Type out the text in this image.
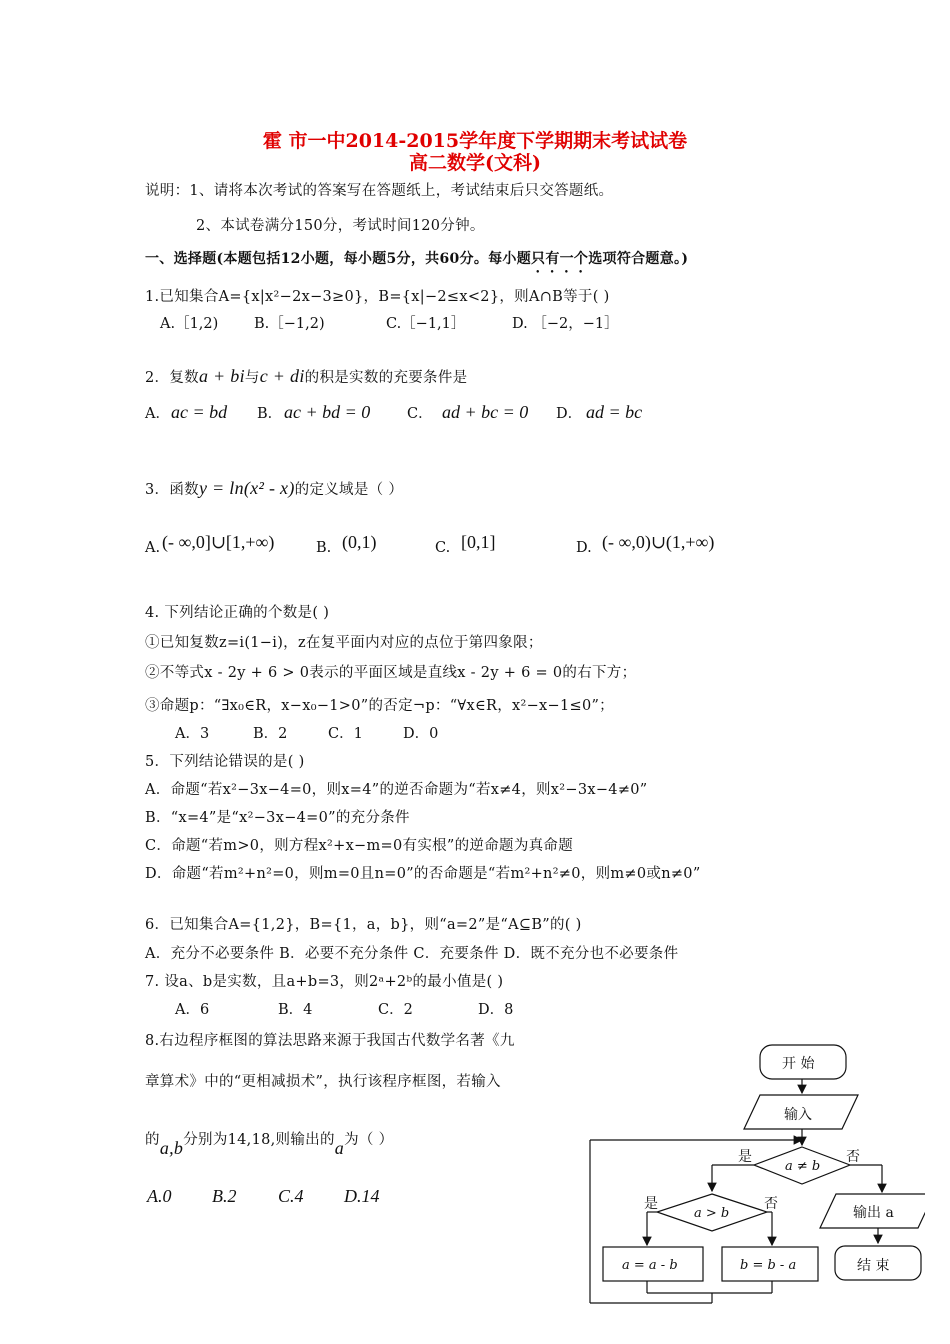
霍 市一中2014-2015学年度下学期期末考试试卷
高二数学(文科)
说明：1、请将本次考试的答案写在答题纸上，考试结束后只交答题纸。
2、本试卷满分150分，考试时间120分钟。
一、选择题(本题包括12小题，每小题5分，共60分。每小题只有一个选项符合题意。)
1.已知集合A={x|x²−2x−3≥0}，B={x|−2≤x<2}，则A∩B等于( )
A.［1,2) B.［−1,2)	C.［−1,1］	D. ［−2，−1］
2．复数a + bi与c + di的积是实数的充要条件是
A． ac = bd B． ac + bd = 0	C． ad + bc = 0 D． ad = bc
3．函数y = ln(x² - x)的定义域是（ ）
A. (- ∞,0]∪[1,+∞)	B. (0,1)	C. [0,1]	D. (- ∞,0)∪(1,+∞)
4. 下列结论正确的个数是( )
①已知复数z=i(1−i)，z在复平面内对应的点位于第四象限；
②不等式x - 2y + 6 > 0表示的平面区域是直线x - 2y + 6 = 0的右下方；
③命题p：“∃x₀∈R，x−x₀−1>0”的否定¬p：“∀x∈R，x²−x−1≤0”；
A．3	B．2	C．1	D．0
5．下列结论错误的是( )
A．命题“若x²−3x−4=0，则x=4”的逆否命题为“若x≠4，则x²−3x−4≠0”
B．“x=4”是“x²−3x−4=0”的充分条件
C．命题“若m>0，则方程x²+x−m=0有实根”的逆命题为真命题
D．命题“若m²+n²=0，则m=0且n=0”的否命题是“若m²+n²≠0，则m≠0或n≠0”
6．已知集合A={1,2}，B={1，a，b}，则“a=2”是“A⊆B”的( )
A．充分不必要条件 B．必要不充分条件 C．充要条件 D．既不充分也不必要条件
7. 设a、b是实数，且a+b=3，则2ᵃ+2ᵇ的最小值是( )
A．6	B．4	C．2	D．8
8.右边程序框图的算法思路来源于我国古代数学名著《九
章算术》中的“更相减损术”，执行该程序框图，若输入
的a,b分别为14,18,则输出的a为（ ）
A.0 B.2 C.4 D.14
开 始
输入
a ≠ b
是	否
a > b
是	否
a = a - b	b = b - a
输出 a
结 束
